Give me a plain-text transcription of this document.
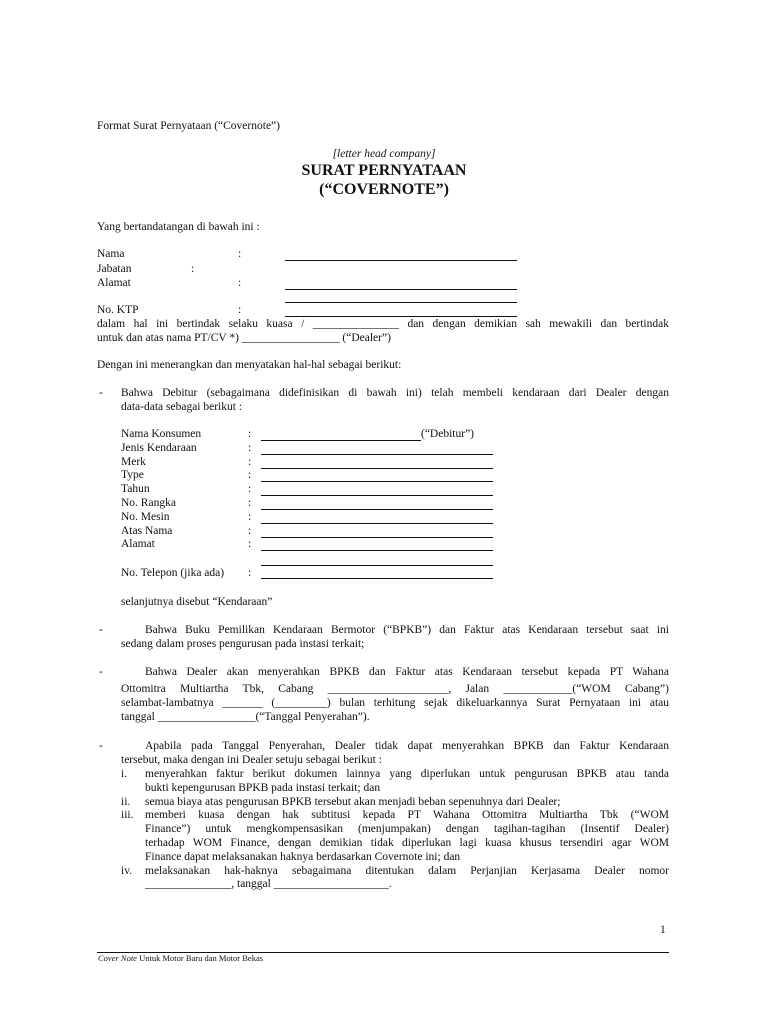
Format Surat Pernyataan (“Covernote”)
[letter head company]
SURAT PERNYATAAN
(“COVERNOTE”)
Yang bertandatangan di bawah ini :
Nama	:
Jabatan	:
Alamat	:
No. KTP	:
dalam hal ini bertindak selaku kuasa / _______________ dan dengan demikian sah mewakili dan bertindak
untuk dan atas nama PT/CV *) _________________ (“Dealer”)
Dengan ini menerangkan dan menyatakan hal-hal sebagai berikut:
- Bahwa Debitur (sebagaimana didefinisikan di bawah ini) telah membeli kendaraan dari Dealer dengan
data-data sebagai berikut :
Nama Konsumen	:	(“Debitur”)
Jenis Kendaraan	:
Merk	:
Type	:
Tahun	:
No. Rangka	:
No. Mesin	:
Atas Nama	:
Alamat	:
No. Telepon (jika ada) :
selanjutnya disebut “Kendaraan”
-	Bahwa Buku Pemilikan Kendaraan Bermotor (“BPKB”) dan Faktur atas Kendaraan tersebut saat ini
sedang dalam proses pengurusan pada instasi terkait;
-	Bahwa Dealer akan menyerahkan BPKB dan Faktur atas Kendaraan tersebut kepada PT Wahana
Ottomitra Multiartha Tbk, Cabang _____________________, Jalan ____________(“WOM Cabang”)
selambat-lambatnya _______ (_________) bulan terhitung sejak dikeluarkannya Surat Pernyataan ini atau
tanggal _________________(“Tanggal Penyerahan”).
-	Apabila pada Tanggal Penyerahan, Dealer tidak dapat menyerahkan BPKB dan Faktur Kendaraan
tersebut, maka dengan ini Dealer setuju sebagai berikut :
i. menyerahkan faktur berikut dokumen lainnya yang diperlukan untuk pengurusan BPKB atau tanda
bukti kepengurusan BPKB pada instasi terkait; dan
ii. semua biaya atas pengurusan BPKB tersebut akan menjadi beban sepenuhnya dari Dealer;
iii. memberi kuasa dengan hak subtitusi kepada PT Wahana Ottomitra Multiartha Tbk (“WOM
Finance”) untuk mengkompensasikan (menjumpakan) dengan tagihan-tagihan (Insentif Dealer)
terhadap WOM Finance, dengan demikian tidak diperlukan lagi kuasa khusus tersendiri agar WOM
Finance dapat melaksanakan haknya berdasarkan Covernote ini; dan
iv. melaksanakan hak-haknya sebagaimana ditentukan dalam Perjanjian Kerjasama Dealer nomor
_______________, tanggal ____________________.
1
Cover Note Untuk Motor Baru dan Motor Bekas
